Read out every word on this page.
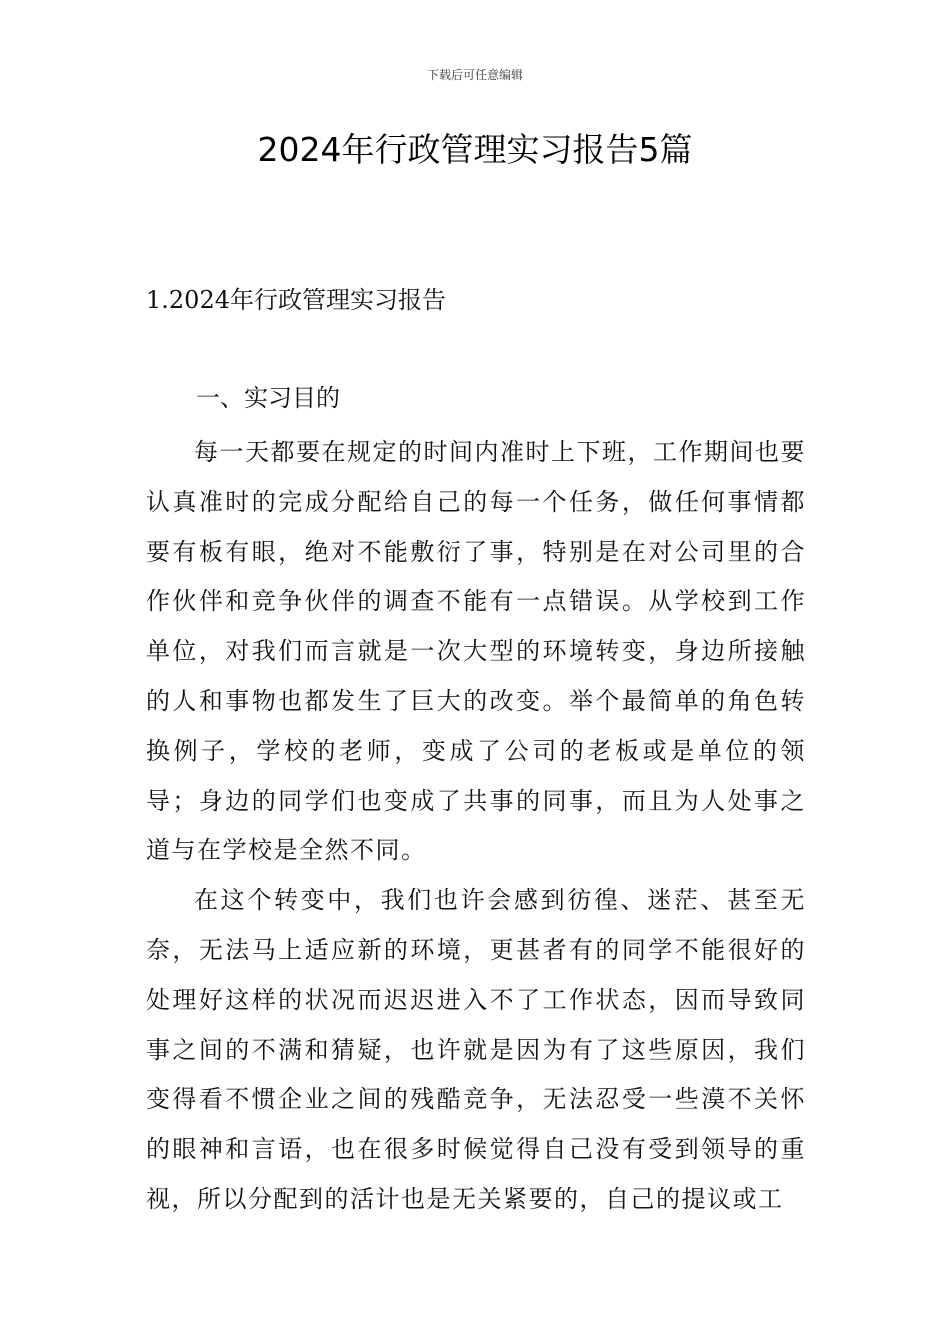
下载后可任意编辑
2024年行政管理实习报告5篇
1.2024年行政管理实习报告
一、实习目的

每一天都要在规定的时间内准时上下班，工作期间也要认真准时的完成分配给自己的每一个任务，做任何事情都要有板有眼，绝对不能敷衍了事，特别是在对公司里的合作伙伴和竞争伙伴的调查不能有一点错误。从学校到工作单位，对我们而言就是一次大型的环境转变，身边所接触的人和事物也都发生了巨大的改变。举个最简单的角色转换例子，学校的老师，变成了公司的老板或是单位的领导；身边的同学们也变成了共事的同事，而且为人处事之道与在学校是全然不同。

在这个转变中，我们也许会感到彷徨、迷茫、甚至无奈，无法马上适应新的环境，更甚者有的同学不能很好的处理好这样的状况而迟迟进入不了工作状态，因而导致同事之间的不满和猜疑，也许就是因为有了这些原因，我们变得看不惯企业之间的残酷竞争，无法忍受一些漠不关怀的眼神和言语，也在很多时候觉得自己没有受到领导的重视，所以分配到的活计也是无关紧要的，自己的提议或工
